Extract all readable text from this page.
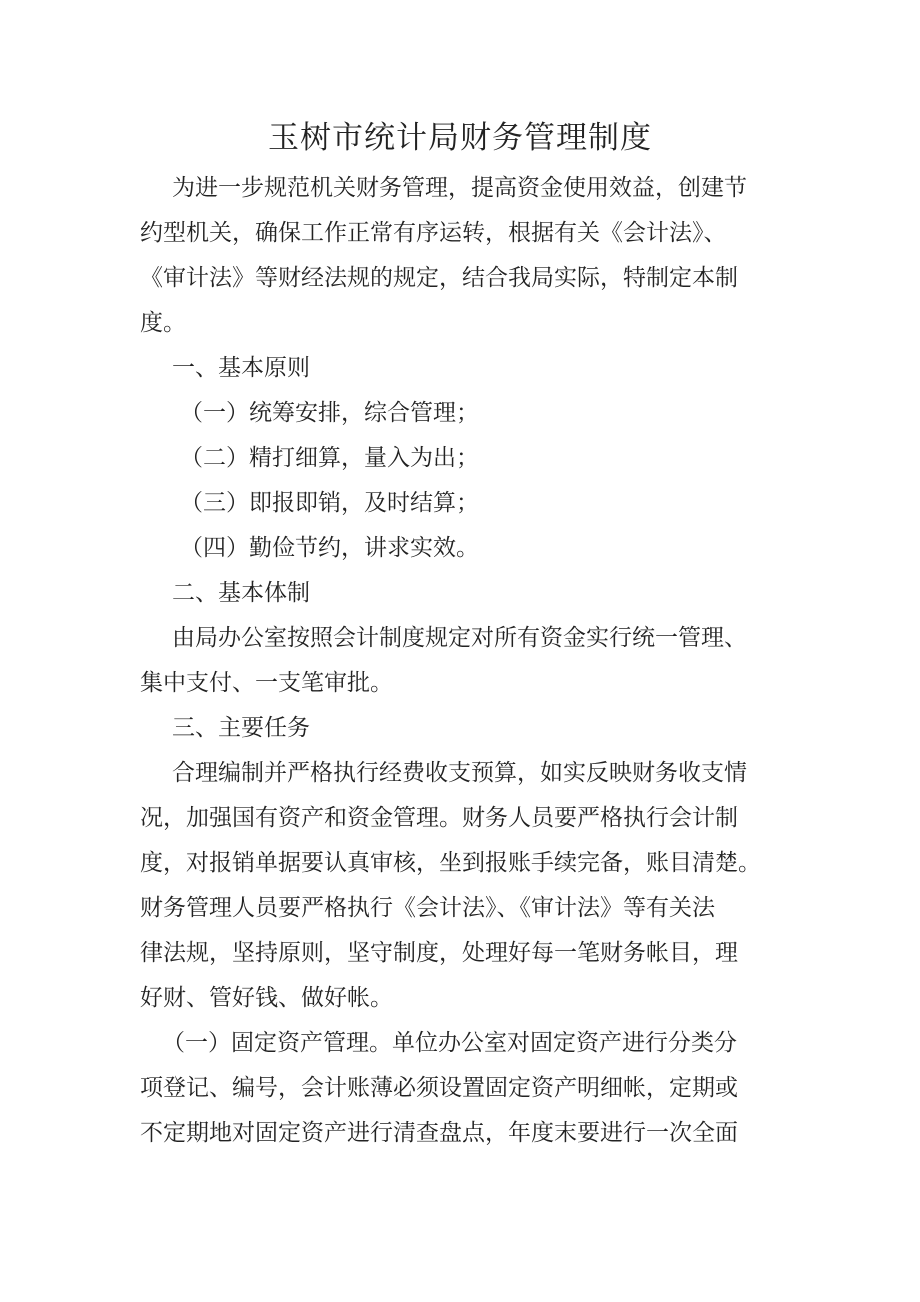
玉树市统计局财务管理制度

为进一步规范机关财务管理，提高资金使用效益，创建节

约型机关，确保工作正常有序运转，根据有关《会计法》、

《审计法》等财经法规的规定，结合我局实际，特制定本制

度。

一、基本原则

（一）统筹安排，综合管理；

（二）精打细算，量入为出；

（三）即报即销，及时结算；

（四）勤俭节约，讲求实效。

二、基本体制

由局办公室按照会计制度规定对所有资金实行统一管理、

集中支付、一支笔审批。

三、主要任务

合理编制并严格执行经费收支预算，如实反映财务收支情

况，加强国有资产和资金管理。财务人员要严格执行会计制

度，对报销单据要认真审核，坐到报账手续完备，账目清楚。

财务管理人员要严格执行《会计法》、《审计法》等有关法

律法规，坚持原则，坚守制度，处理好每一笔财务帐目，理

好财、管好钱、做好帐。

（一）固定资产管理。单位办公室对固定资产进行分类分

项登记、编号，会计账薄必须设置固定资产明细帐，定期或

不定期地对固定资产进行清查盘点，年度末要进行一次全面
